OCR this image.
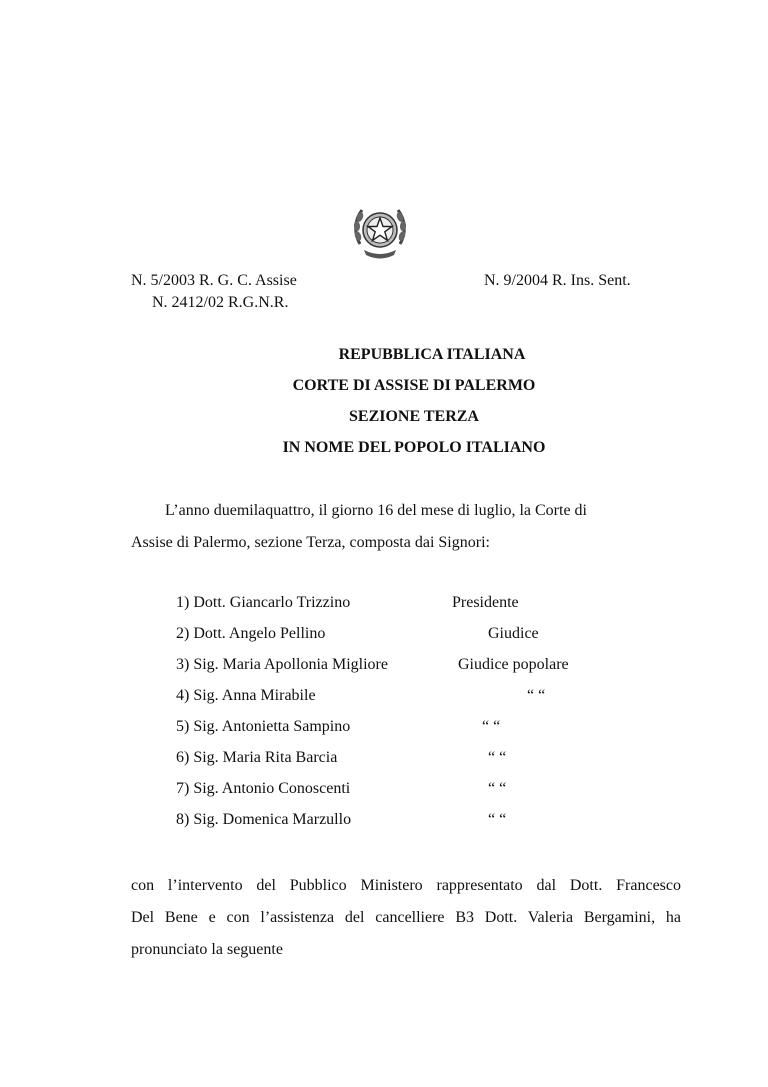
N. 5/2003 R. G. C. Assise
N. 2412/02 R.G.N.R.
N. 9/2004 R. Ins. Sent.
REPUBBLICA ITALIANA
CORTE DI ASSISE DI PALERMO
SEZIONE TERZA
IN NOME DEL POPOLO ITALIANO
L’anno duemilaquattro, il giorno 16 del mese di luglio, la Corte di
Assise di Palermo, sezione Terza, composta dai Signori:
1) Dott. Giancarlo Trizzino	Presidente
2) Dott. Angelo Pellino	Giudice
3) Sig. Maria Apollonia Migliore	Giudice popolare
4) Sig. Anna Mirabile	“ “
5) Sig. Antonietta Sampino	“ “
6) Sig. Maria Rita Barcia	“ “
7) Sig. Antonio Conoscenti	“ “
8) Sig. Domenica Marzullo	“ “
con l’intervento del Pubblico Ministero rappresentato dal Dott. Francesco
Del Bene e con l’assistenza del cancelliere B3 Dott. Valeria Bergamini, ha
pronunciato la seguente
